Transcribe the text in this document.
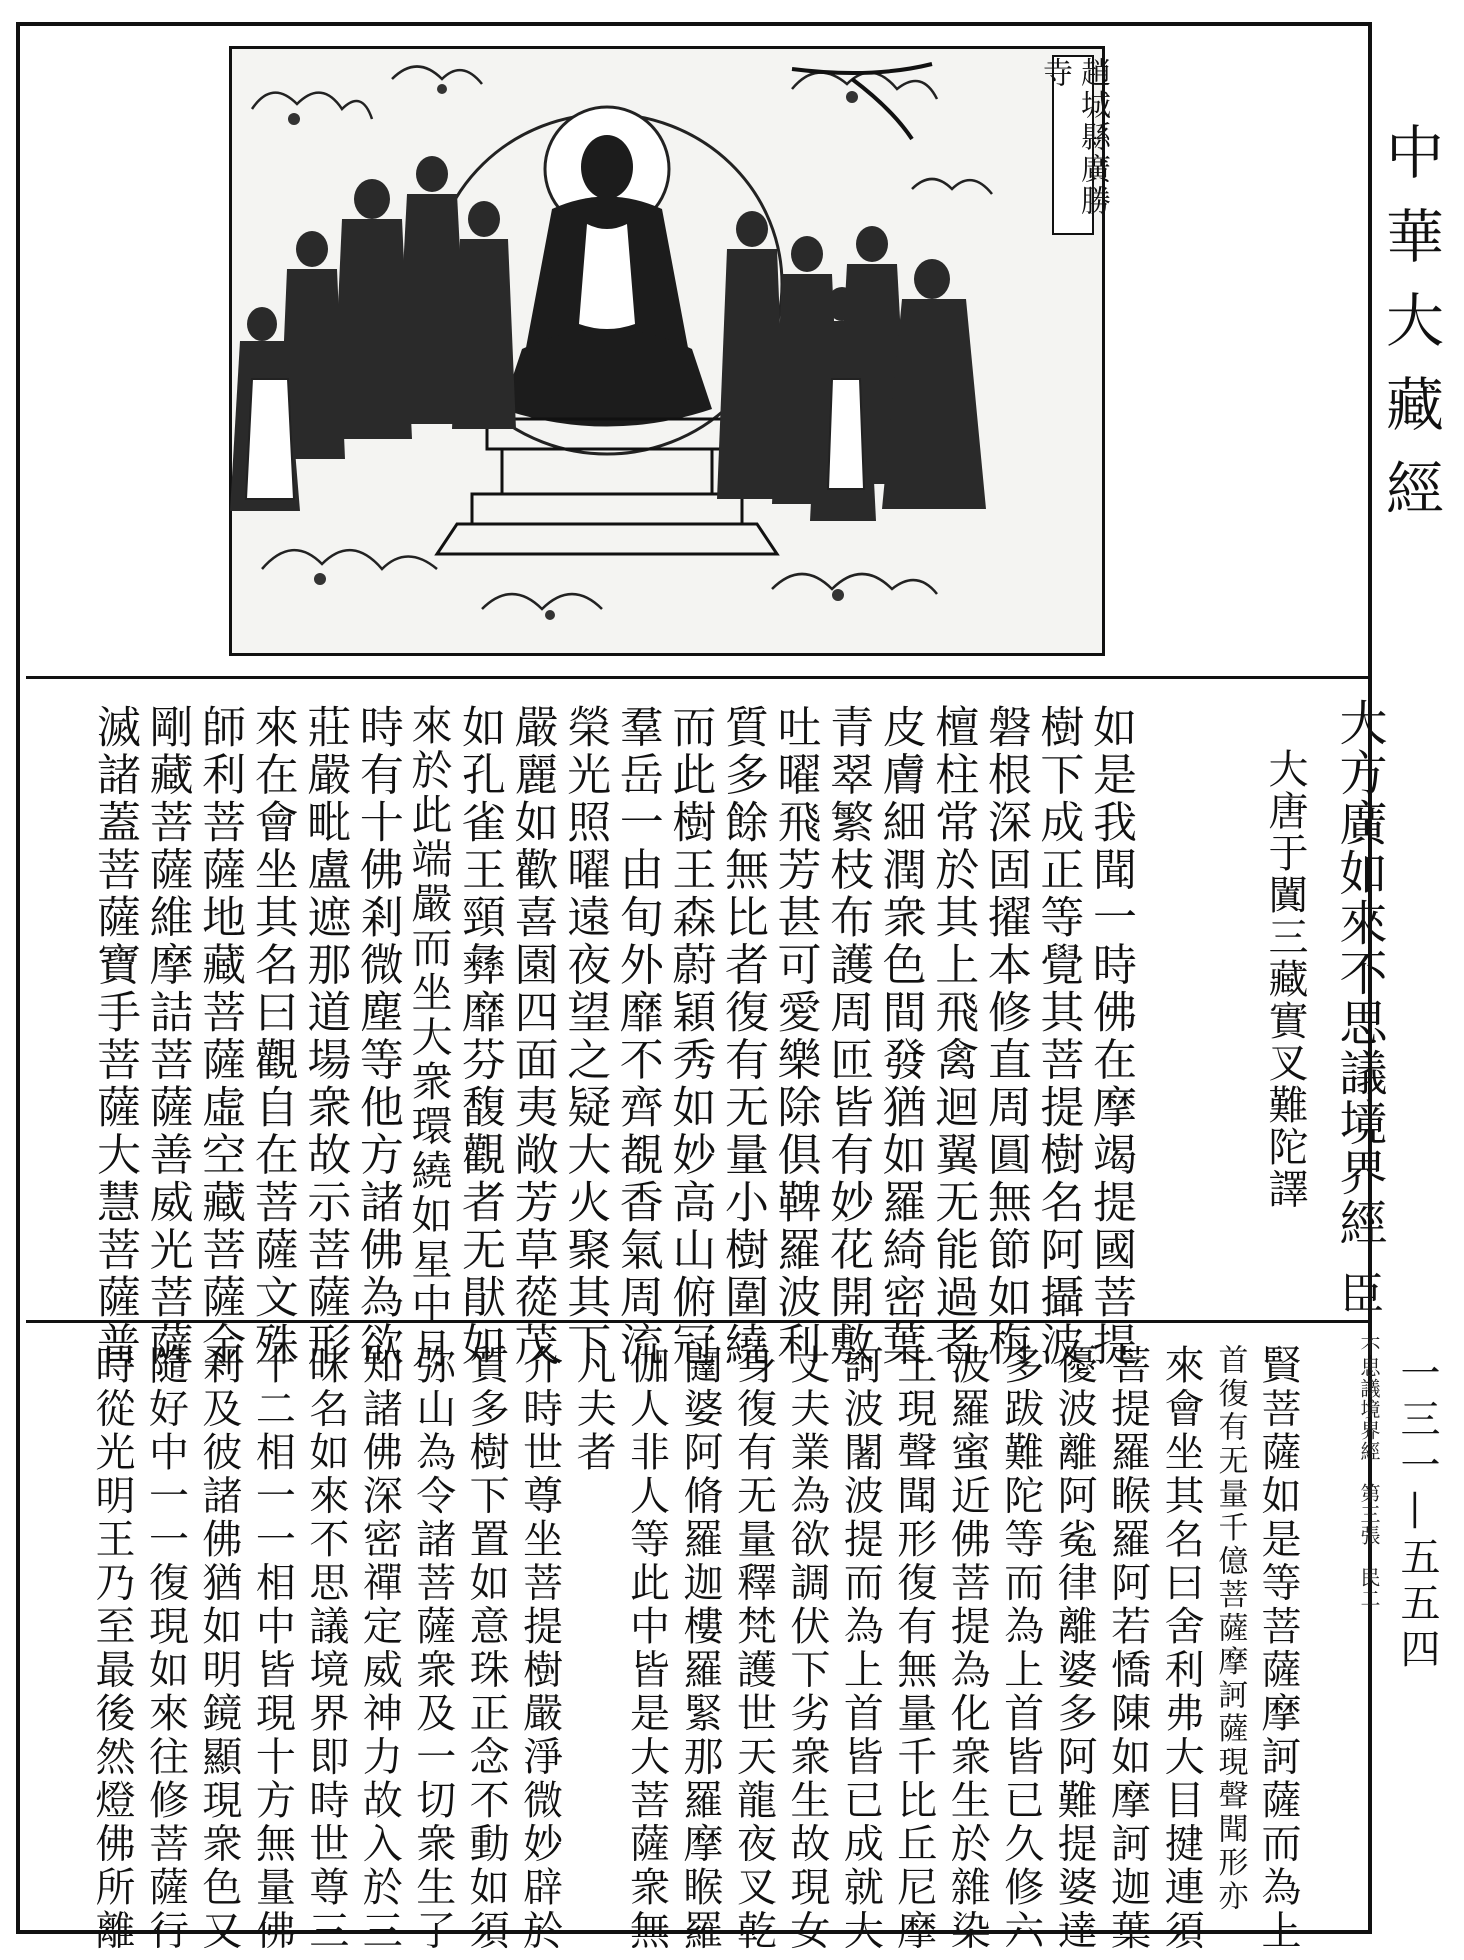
趙城縣廣勝寺
大方廣如來不思議境界經
大唐于闐三藏實叉難陀譯
臣
如是我聞一時佛在摩竭提國菩提
樹下成正等覺其菩提樹名阿攝波
磐根深固擢本修直周圓無節如栴
檀柱常於其上飛禽迴翼无能過者
皮膚細潤衆色間發猶如羅綺密葉
青翠繁枝布護周匝皆有妙花開敷
吐曜飛芳甚可愛樂除俱鞞羅波利
質多餘無比者復有无量小樹圍繞
而此樹王森蔚穎秀如妙高山俯冠
羣岳一由旬外靡不齊覩香氣周流
榮光照曜遠夜望之疑大火聚其下
嚴麗如歡喜園四面夷敞芳草蓯茂
如孔雀王頸彝靡芬馥觀者无猒如
來於此端嚴而坐大衆環繞如星中月
時有十佛剎微塵等他方諸佛為欲
莊嚴毗盧遮那道場衆故示菩薩形
來在會坐其名曰觀自在菩薩文殊
師利菩薩地藏菩薩虛空藏菩薩金
剛藏菩薩維摩詰菩薩善威光菩薩
滅諸蓋菩薩寶手菩薩大慧菩薩普
不思議境界經　第三張　民二
賢菩薩如是等菩薩摩訶薩而為上
首復有无量千億菩薩摩訶薩現聲聞形亦
來會坐其名曰舍利弗大目揵連須
菩提羅睺羅阿若憍陳如摩訶迦葉
優波離阿㝹律離婆多阿難提婆達
多跋難陀等而為上首皆已久修六
波羅蜜近佛菩提為化衆生於雜染
土現聲聞形復有無量千比丘尼摩
訶波闍波提而為上首皆已成就大
丈夫業為欲調伏下劣衆生故現女
身復有无量釋梵護世天龍夜叉乾
闥婆阿脩羅迦樓羅緊那羅摩睺羅
伽人非人等此中皆是大菩薩衆無
凡夫者
介時世尊坐菩提樹嚴淨微妙辟於
質多樹下置如意珠正念不動如須
弥山為令諸菩薩衆及一切衆生了
知諸佛深密禪定威神力故入於三
昧名如來不思議境界即時世尊三
十二相一一相中皆現十方無量佛
剎及彼諸佛猶如明鏡顯現衆色又
隨好中一一復現如來往修菩薩行
時從光明王乃至最後然燈佛所離
中華大藏經
一三一—五五四
